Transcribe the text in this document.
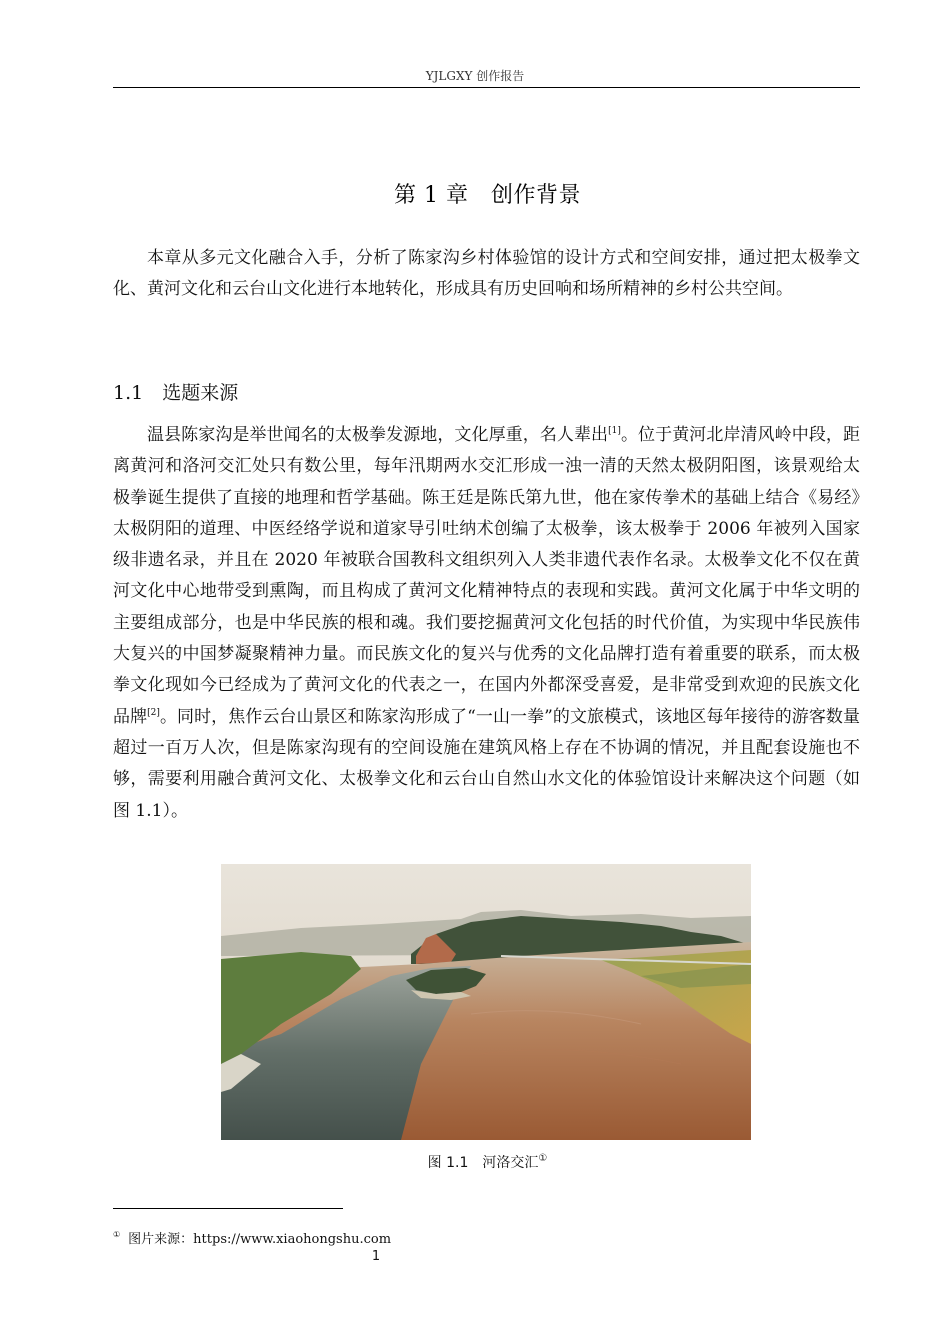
YJLGXY 创作报告
第 1 章　创作背景

本章从多元文化融合入手，分析了陈家沟乡村体验馆的设计方式和空间安排，通过把太极拳文化、黄河文化和云台山文化进行本地转化，形成具有历史回响和场所精神的乡村公共空间。

1.1　选题来源

温县陈家沟是举世闻名的太极拳发源地，文化厚重，名人辈出[1]。位于黄河北岸清风岭中段，距离黄河和洛河交汇处只有数公里，每年汛期两水交汇形成一浊一清的天然太极阴阳图，该景观给太极拳诞生提供了直接的地理和哲学基础。陈王廷是陈氏第九世，他在家传拳术的基础上结合《易经》太极阴阳的道理、中医经络学说和道家导引吐纳术创编了太极拳，该太极拳于 2006 年被列入国家级非遗名录，并且在 2020 年被联合国教科文组织列入人类非遗代表作名录。太极拳文化不仅在黄河文化中心地带受到熏陶，而且构成了黄河文化精神特点的表现和实践。黄河文化属于中华文明的主要组成部分，也是中华民族的根和魂。我们要挖掘黄河文化包括的时代价值，为实现中华民族伟大复兴的中国梦凝聚精神力量。而民族文化的复兴与优秀的文化品牌打造有着重要的联系，而太极拳文化现如今已经成为了黄河文化的代表之一，在国内外都深受喜爱，是非常受到欢迎的民族文化品牌[2]。同时，焦作云台山景区和陈家沟形成了“一山一拳”的文旅模式，该地区每年接待的游客数量超过一百万人次，但是陈家沟现有的空间设施在建筑风格上存在不协调的情况，并且配套设施也不够，需要利用融合黄河文化、太极拳文化和云台山自然山水文化的体验馆设计来解决这个问题（如图 1.1）。

图 1.1　河洛交汇①
① 图片来源：https://www.xiaohongshu.com
1
